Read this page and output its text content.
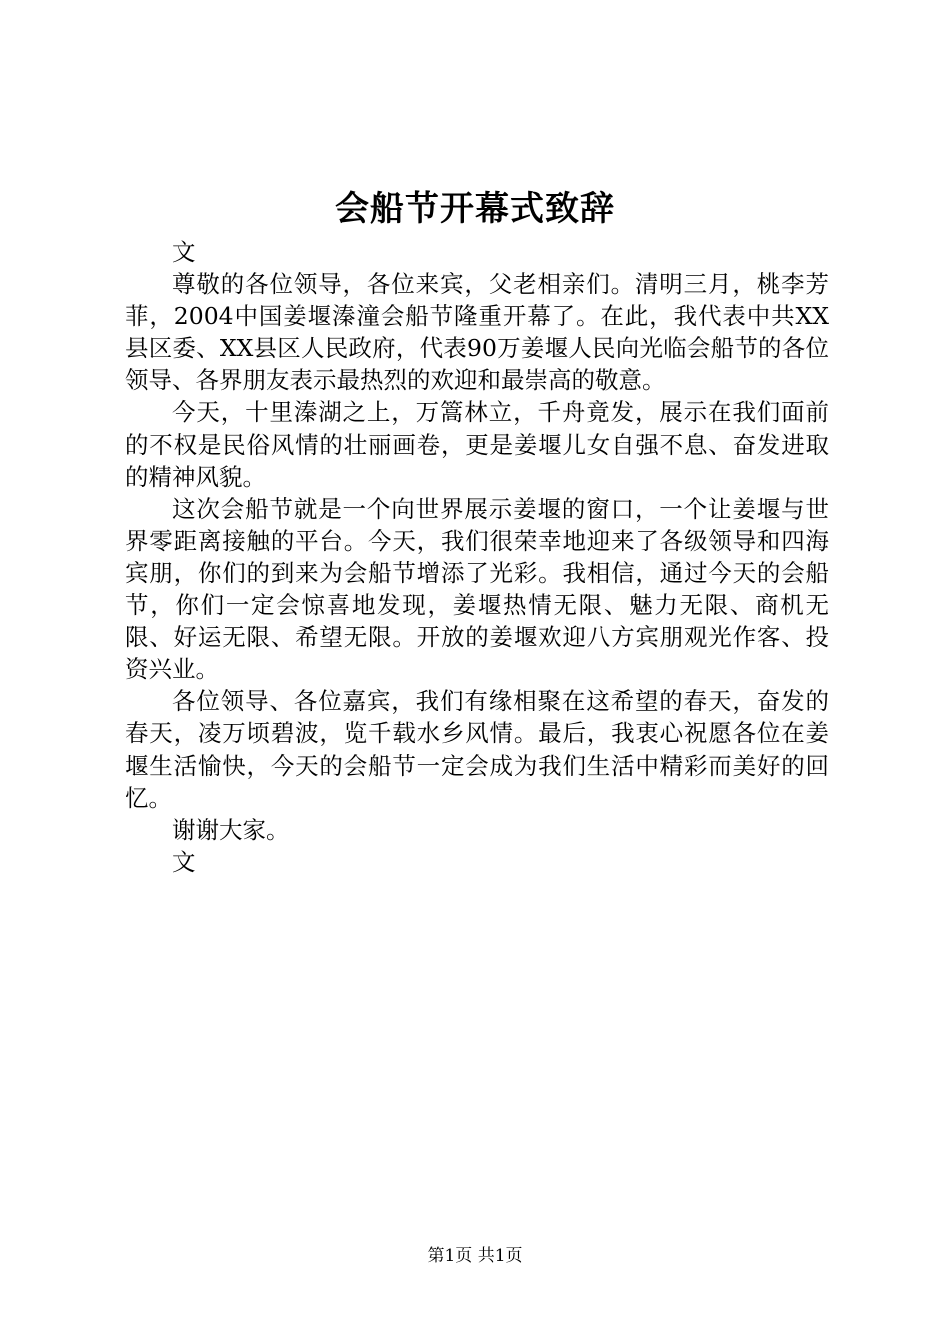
会船节开幕式致辞

文

尊敬的各位领导，各位来宾，父老相亲们。清明三月，桃李芳菲，2004中国姜堰溱潼会船节隆重开幕了。在此，我代表中共XX县区委、XX县区人民政府，代表90万姜堰人民向光临会船节的各位领导、各界朋友表示最热烈的欢迎和最崇高的敬意。

今天，十里溱湖之上，万篙林立，千舟竟发，展示在我们面前的不权是民俗风情的壮丽画卷，更是姜堰儿女自强不息、奋发进取的精神风貌。

这次会船节就是一个向世界展示姜堰的窗口，一个让姜堰与世界零距离接触的平台。今天，我们很荣幸地迎来了各级领导和四海宾朋，你们的到来为会船节增添了光彩。我相信，通过今天的会船节，你们一定会惊喜地发现，姜堰热情无限、魅力无限、商机无限、好运无限、希望无限。开放的姜堰欢迎八方宾朋观光作客、投资兴业。

各位领导、各位嘉宾，我们有缘相聚在这希望的春天，奋发的春天，凌万顷碧波，览千载水乡风情。最后，我衷心祝愿各位在姜堰生活愉快，今天的会船节一定会成为我们生活中精彩而美好的回忆。

谢谢大家。

文

第1页 共1页
